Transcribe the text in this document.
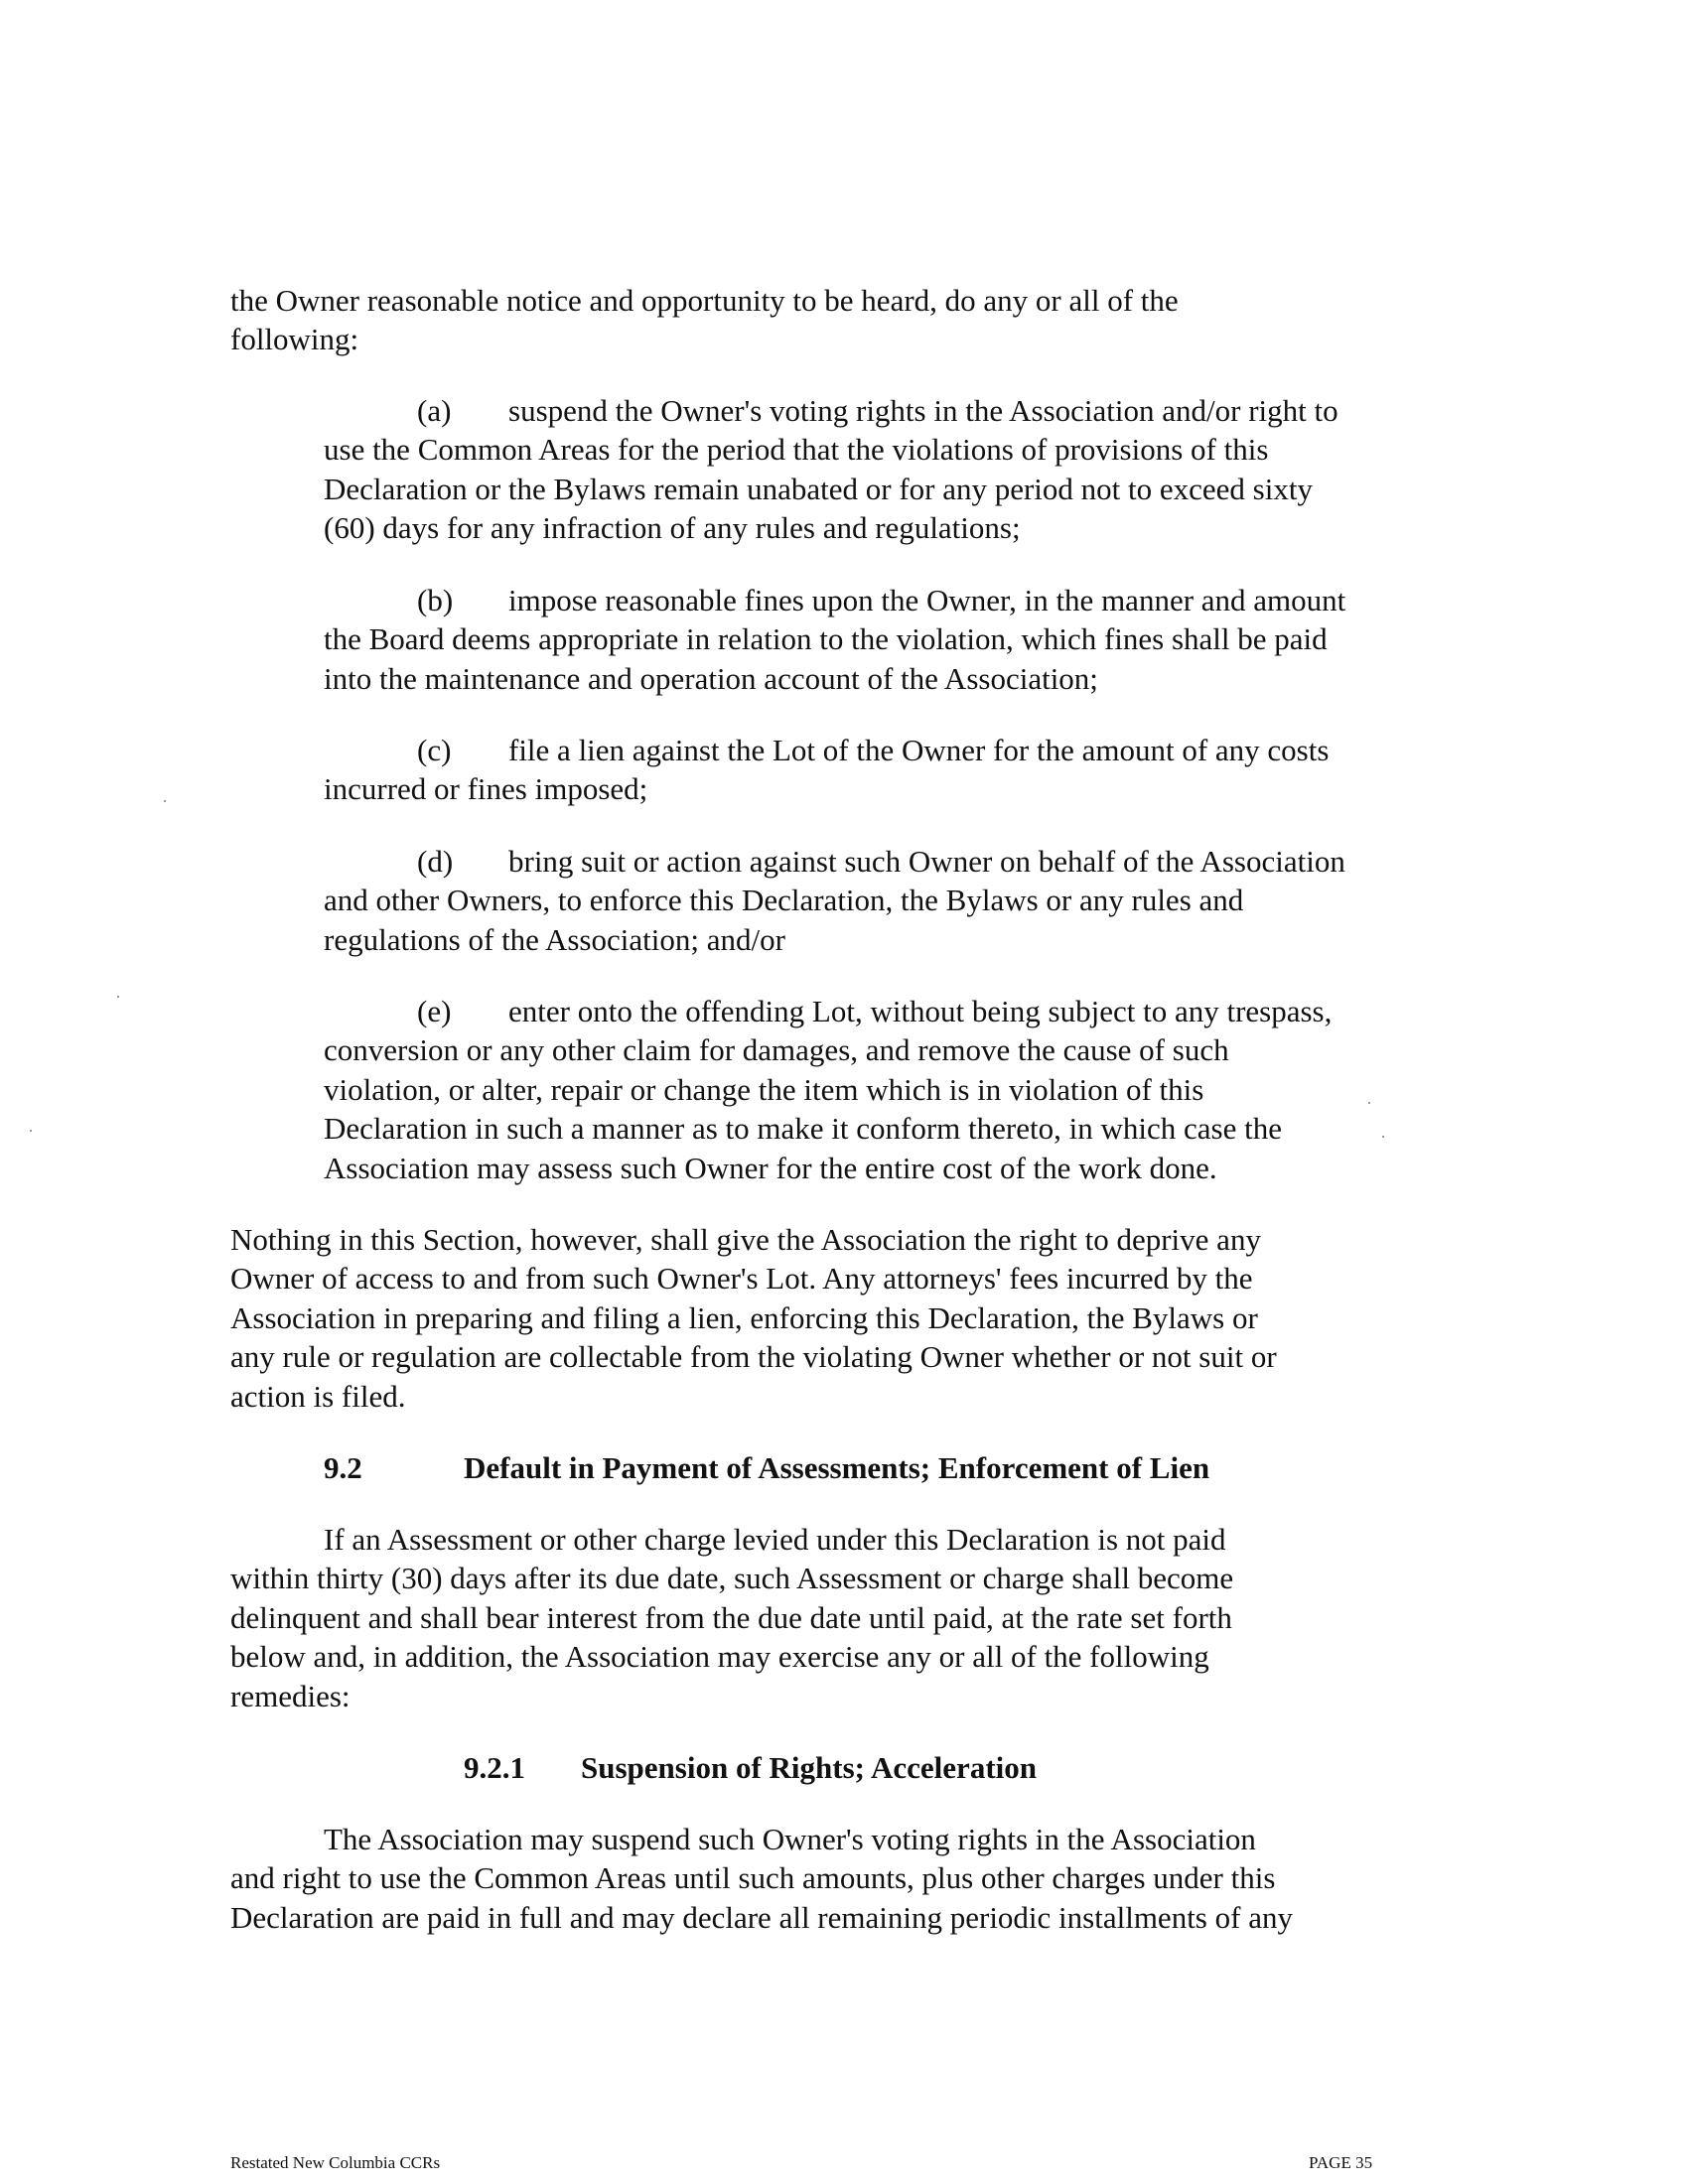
the Owner reasonable notice and opportunity to be heard, do any or all of the
following:
(a) suspend the Owner's voting rights in the Association and/or right to
use the Common Areas for the period that the violations of provisions of this
Declaration or the Bylaws remain unabated or for any period not to exceed sixty
(60) days for any infraction of any rules and regulations;
(b) impose reasonable fines upon the Owner, in the manner and amount
the Board deems appropriate in relation to the violation, which fines shall be paid
into the maintenance and operation account of the Association;
(c) file a lien against the Lot of the Owner for the amount of any costs
incurred or fines imposed;
(d) bring suit or action against such Owner on behalf of the Association
and other Owners, to enforce this Declaration, the Bylaws or any rules and
regulations of the Association; and/or
(e) enter onto the offending Lot, without being subject to any trespass,
conversion or any other claim for damages, and remove the cause of such
violation, or alter, repair or change the item which is in violation of this
Declaration in such a manner as to make it conform thereto, in which case the
Association may assess such Owner for the entire cost of the work done.
Nothing in this Section, however, shall give the Association the right to deprive any
Owner of access to and from such Owner's Lot. Any attorneys' fees incurred by the
Association in preparing and filing a lien, enforcing this Declaration, the Bylaws or
any rule or regulation are collectable from the violating Owner whether or not suit or
action is filed.
9.2	Default in Payment of Assessments; Enforcement of Lien
If an Assessment or other charge levied under this Declaration is not paid
within thirty (30) days after its due date, such Assessment or charge shall become
delinquent and shall bear interest from the due date until paid, at the rate set forth
below and, in addition, the Association may exercise any or all of the following
remedies:
9.2.1 Suspension of Rights; Acceleration
The Association may suspend such Owner's voting rights in the Association
and right to use the Common Areas until such amounts, plus other charges under this
Declaration are paid in full and may declare all remaining periodic installments of any
Restated New Columbia CCRs	PAGE 35
